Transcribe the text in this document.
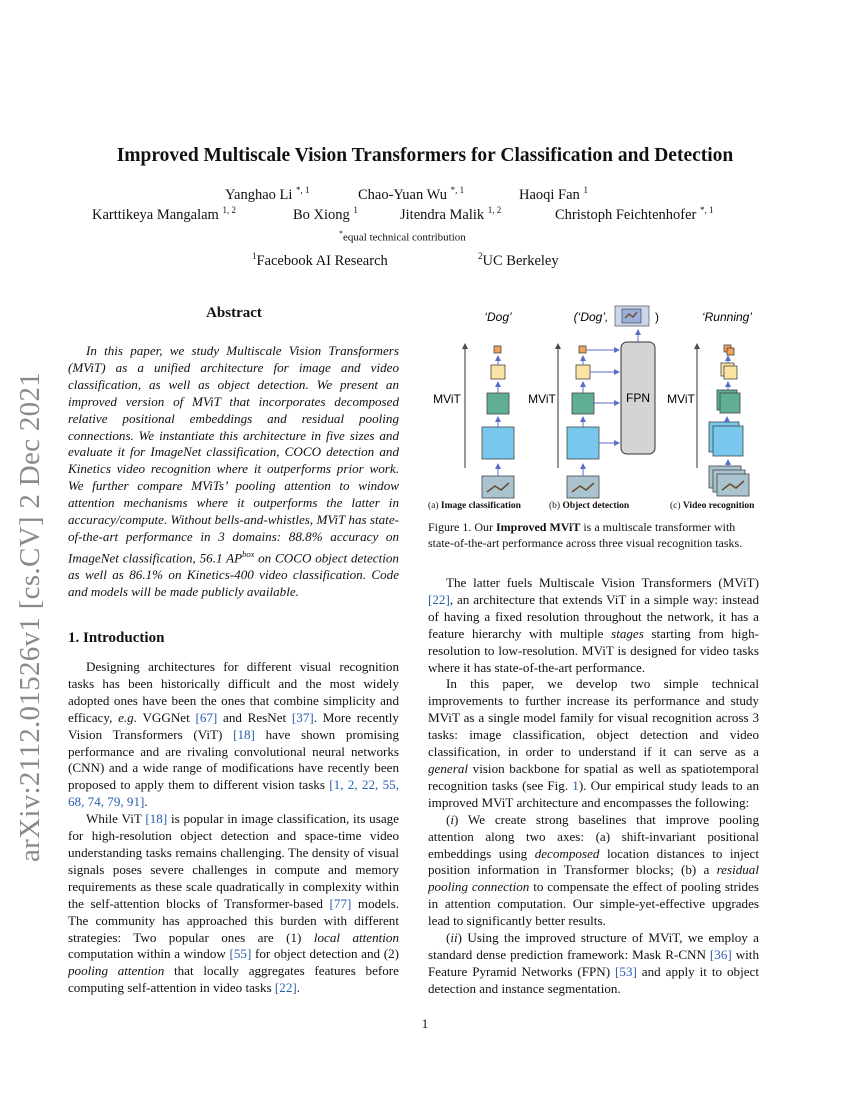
arXiv:2112.01526v1 [cs.CV] 2 Dec 2021
Improved Multiscale Vision Transformers for Classification and Detection
Yanghao Li $^{*, 1}$	Chao-Yuan Wu $^{*, 1}$	Haoqi Fan $^1$
Karttikeya Mangalam $^{1, 2}$	Bo Xiong $^1$	Jitendra Malik $^{1, 2}$	Christoph Feichtenhofer $^{*, 1}$
*equal technical contribution
$^1$Facebook AI Research	$^2$UC Berkeley
Abstract

In this paper, we study Multiscale Vision Transformers (MViT) as a unified architecture for image and video classification, as well as object detection. We present an improved version of MViT that incorporates decomposed relative positional embeddings and residual pooling connections. We instantiate this architecture in five sizes and evaluate it for ImageNet classification, COCO detection and Kinetics video recognition where it outperforms prior work. We further compare MViTs’ pooling attention to window attention mechanisms where it outperforms the latter in accuracy/compute. Without bells-and-whistles, MViT has state-of-the-art performance in 3 domains: 88.8% accuracy on ImageNet classification, 56.1 $AP^{box}$ on COCO object detection as well as 86.1% on Kinetics-400 video classification. Code and models will be made publicly available.

1. Introduction

Designing architectures for different visual recognition tasks has been historically difficult and the most widely adopted ones have been the ones that combine simplicity and efficacy, e.g. VGGNet [67] and ResNet [37]. More recently Vision Transformers (ViT) [18] have shown promising performance and are rivaling convolutional neural networks (CNN) and a wide range of modifications have recently been proposed to apply them to different vision tasks [1, 2, 22, 55, 68, 74, 79, 91].

While ViT [18] is popular in image classification, its usage for high-resolution object detection and space-time video understanding tasks remains challenging. The density of visual signals poses severe challenges in compute and memory requirements as these scale quadratically in complexity within the self-attention blocks of Transformer-based [77] models. The community has approached this burden with different strategies: Two popular ones are (1) local attention computation within a window [55] for object detection and (2) pooling attention that locally aggregates features before computing self-attention in video tasks [22].

‘Dog’	(‘Dog’,	)	‘Running’
MViT	MViT	MViT
FPN
(a) Image classification	(b) Object detection	(c) Video recognition
Figure 1. Our Improved MViT is a multiscale transformer with state-of-the-art performance across three visual recognition tasks.

The latter fuels Multiscale Vision Transformers (MViT) [22], an architecture that extends ViT in a simple way: instead of having a fixed resolution throughout the network, it has a feature hierarchy with multiple stages starting from high-resolution to low-resolution. MViT is designed for video tasks where it has state-of-the-art performance.

In this paper, we develop two simple technical improvements to further increase its performance and study MViT as a single model family for visual recognition across 3 tasks: image classification, object detection and video classification, in order to understand if it can serve as a general vision backbone for spatial as well as spatiotemporal recognition tasks (see Fig. 1). Our empirical study leads to an improved MViT architecture and encompasses the following:

(i) We create strong baselines that improve pooling attention along two axes: (a) shift-invariant positional embeddings using decomposed location distances to inject position information in Transformer blocks; (b) a residual pooling connection to compensate the effect of pooling strides in attention computation. Our simple-yet-effective upgrades lead to significantly better results.

(ii) Using the improved structure of MViT, we employ a standard dense prediction framework: Mask R-CNN [36] with Feature Pyramid Networks (FPN) [53] and apply it to object detection and instance segmentation.

1
